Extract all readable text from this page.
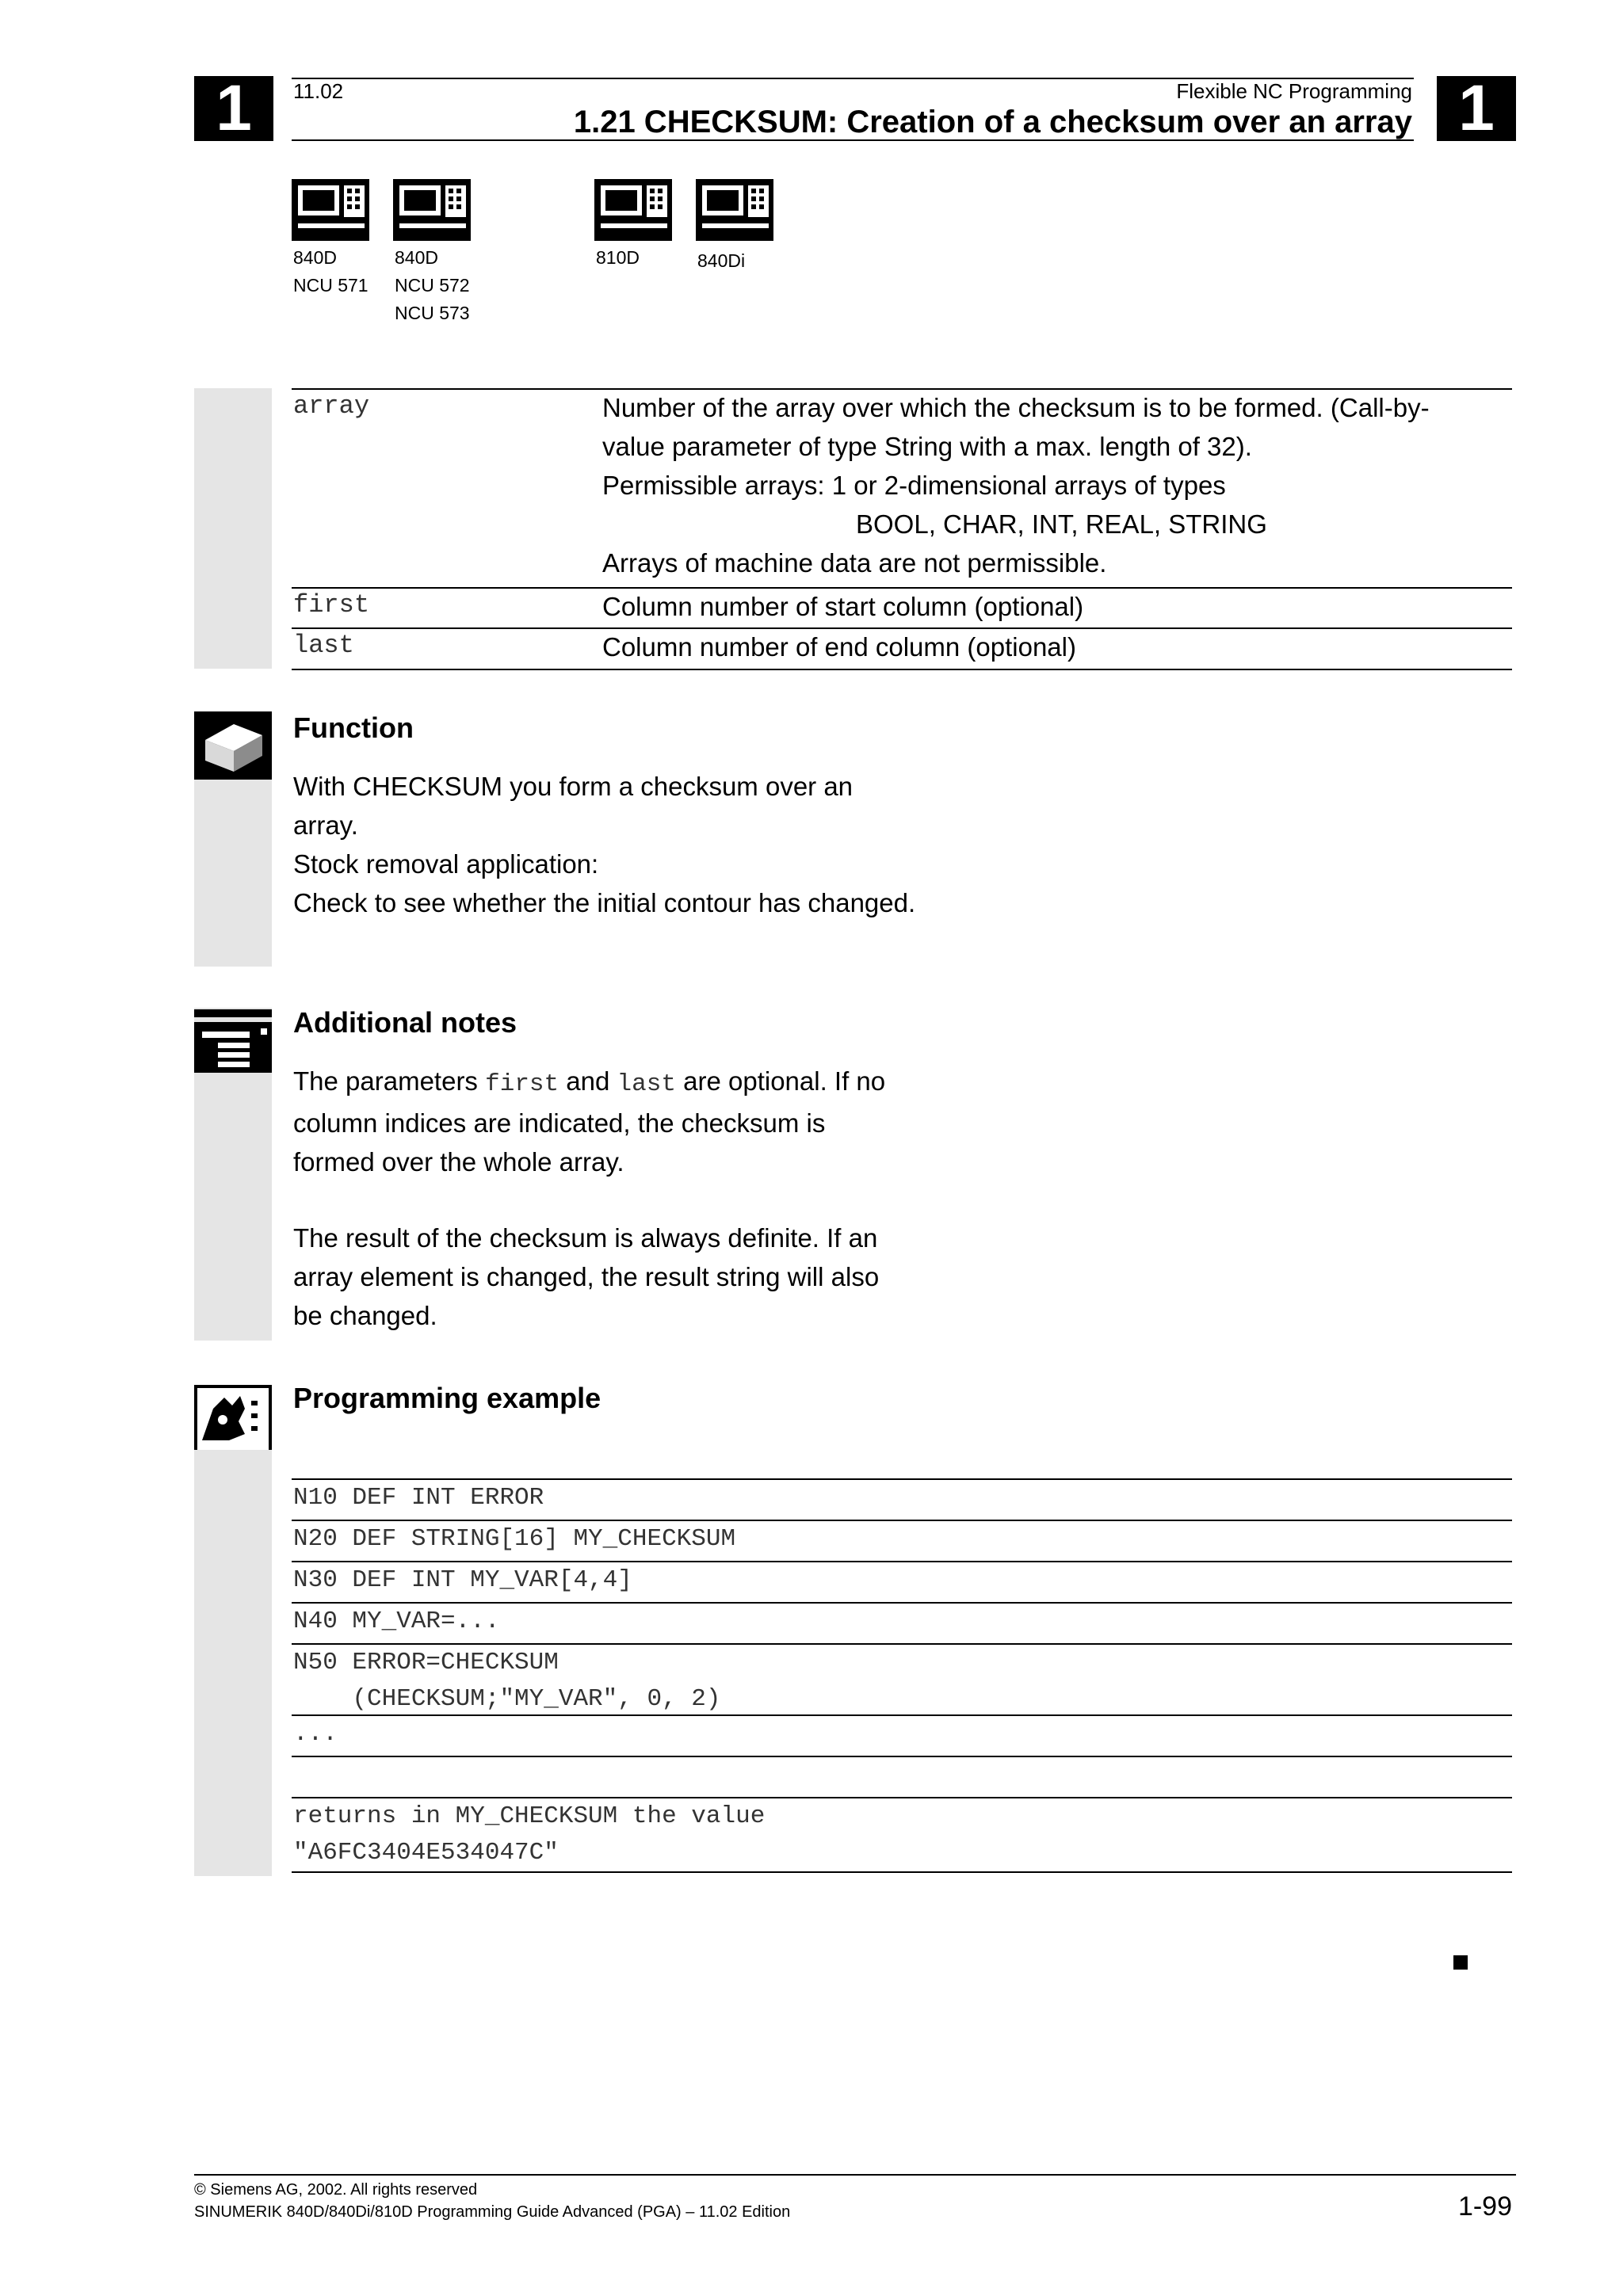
1	1
11.02	Flexible NC Programming
1.21 CHECKSUM: Creation of a checksum over an array
840D
NCU 571
840D
NCU 572
NCU 573
810D	840Di
array	Number of the array over which the checksum is to be formed. (Call-by-
value parameter of type String with a max. length of 32).
Permissible arrays: 1 or 2-dimensional arrays of types
BOOL, CHAR, INT, REAL, STRING
Arrays of machine data are not permissible.
first	Column number of start column (optional)
last	Column number of end column (optional)
Function
With CHECKSUM you form a checksum over an
array.
Stock removal application:
Check to see whether the initial contour has changed.
Additional notes
The parameters first and last are optional. If no
column indices are indicated, the checksum is
formed over the whole array.
The result of the checksum is always definite. If an
array element is changed, the result string will also
be changed.
Programming example
N10 DEF INT ERROR
N20 DEF STRING[16] MY_CHECKSUM
N30 DEF INT MY_VAR[4,4]
N40 MY_VAR=...
N50 ERROR=CHECKSUM
(CHECKSUM;"MY_VAR", 0, 2)
...
returns in MY_CHECKSUM the value
"A6FC3404E534047C"
© Siemens AG, 2002. All rights reserved
SINUMERIK 840D/840Di/810D Programming Guide Advanced (PGA) – 11.02 Edition	1-99
